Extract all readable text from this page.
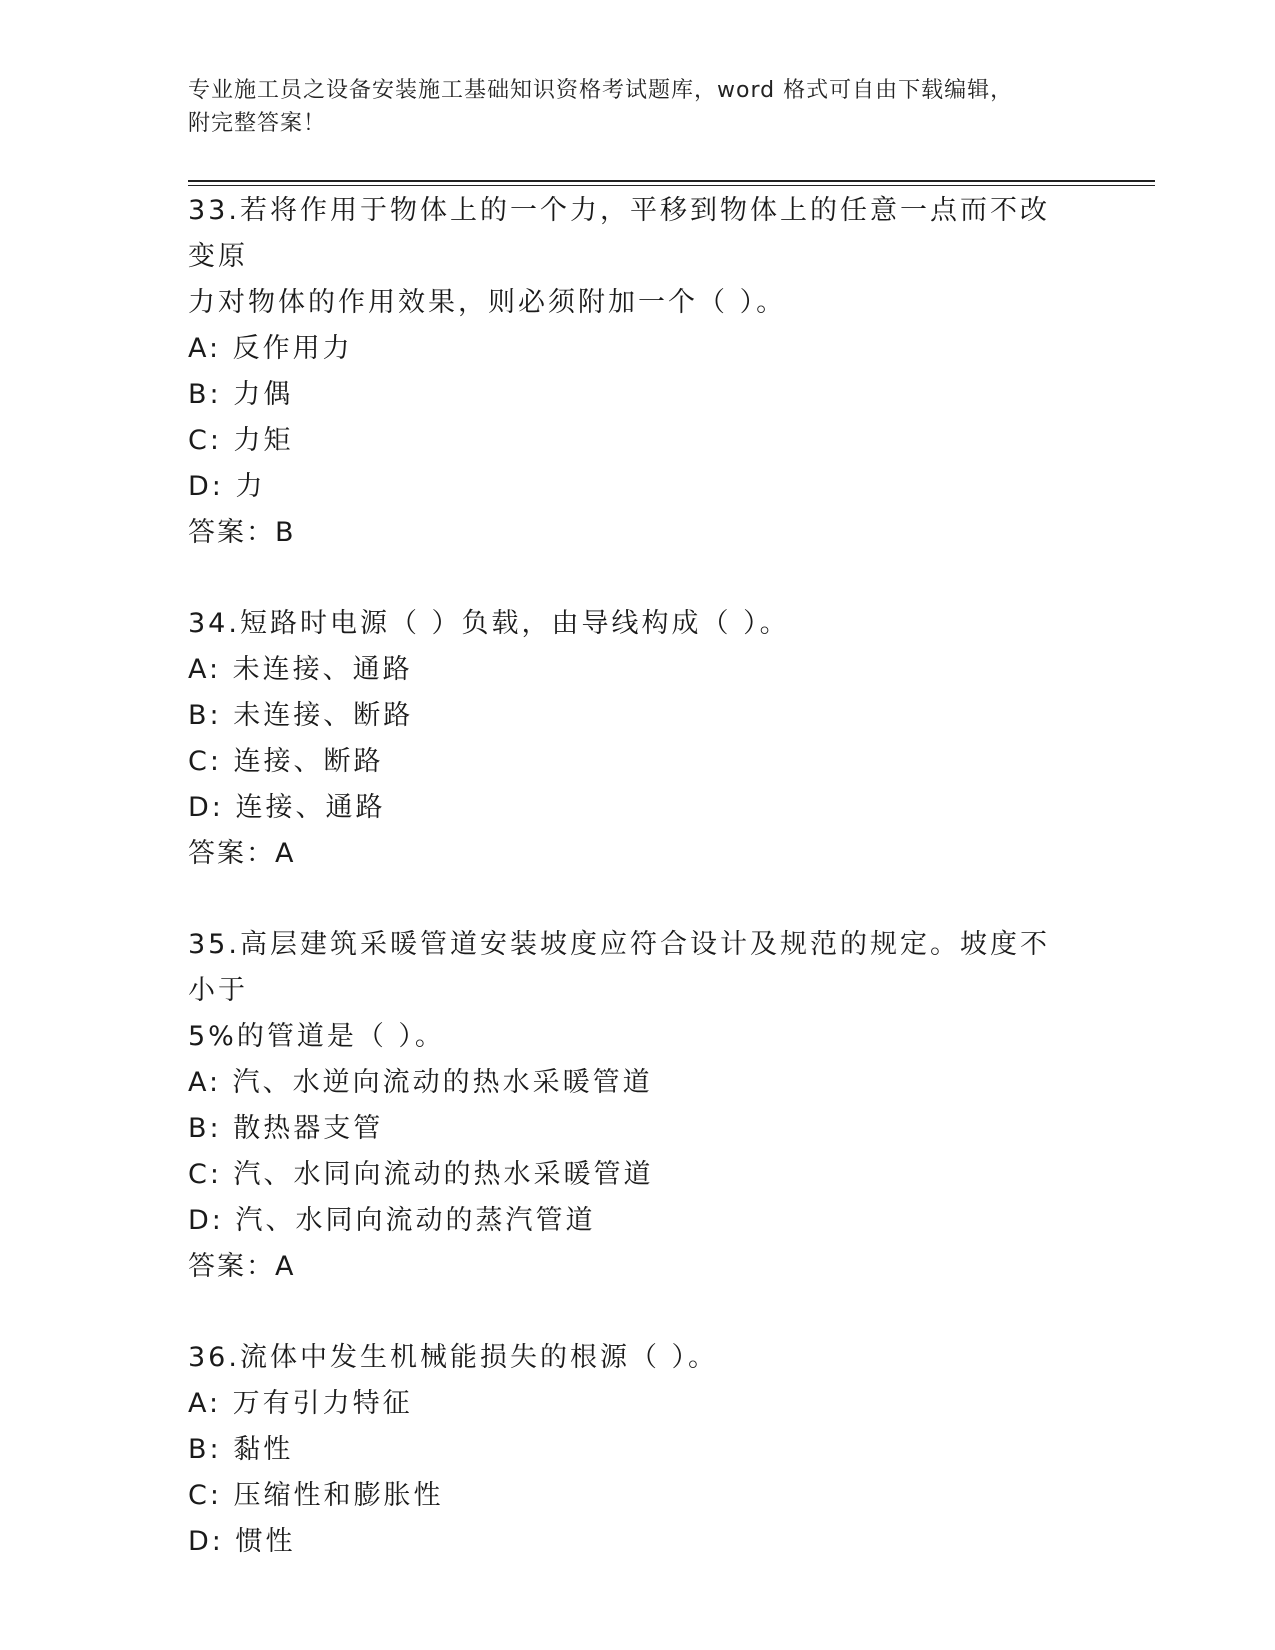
专业施工员之设备安装施工基础知识资格考试题库，word 格式可自由下载编辑，
附完整答案！

33.若将作用于物体上的一个力，平移到物体上的任意一点而不改变原
力对物体的作用效果，则必须附加一个（ ）。

A: 反作用力

B: 力偶

C: 力矩

D: 力

答案：B

34.短路时电源（ ）负载，由导线构成（ ）。

A: 未连接、通路

B: 未连接、断路

C: 连接、断路

D: 连接、通路

答案：A

35.高层建筑采暖管道安装坡度应符合设计及规范的规定。坡度不小于
5%的管道是（ ）。

A: 汽、水逆向流动的热水采暖管道

B: 散热器支管

C: 汽、水同向流动的热水采暖管道

D: 汽、水同向流动的蒸汽管道

答案：A

36.流体中发生机械能损失的根源（ ）。

A: 万有引力特征

B: 黏性

C: 压缩性和膨胀性

D: 惯性
